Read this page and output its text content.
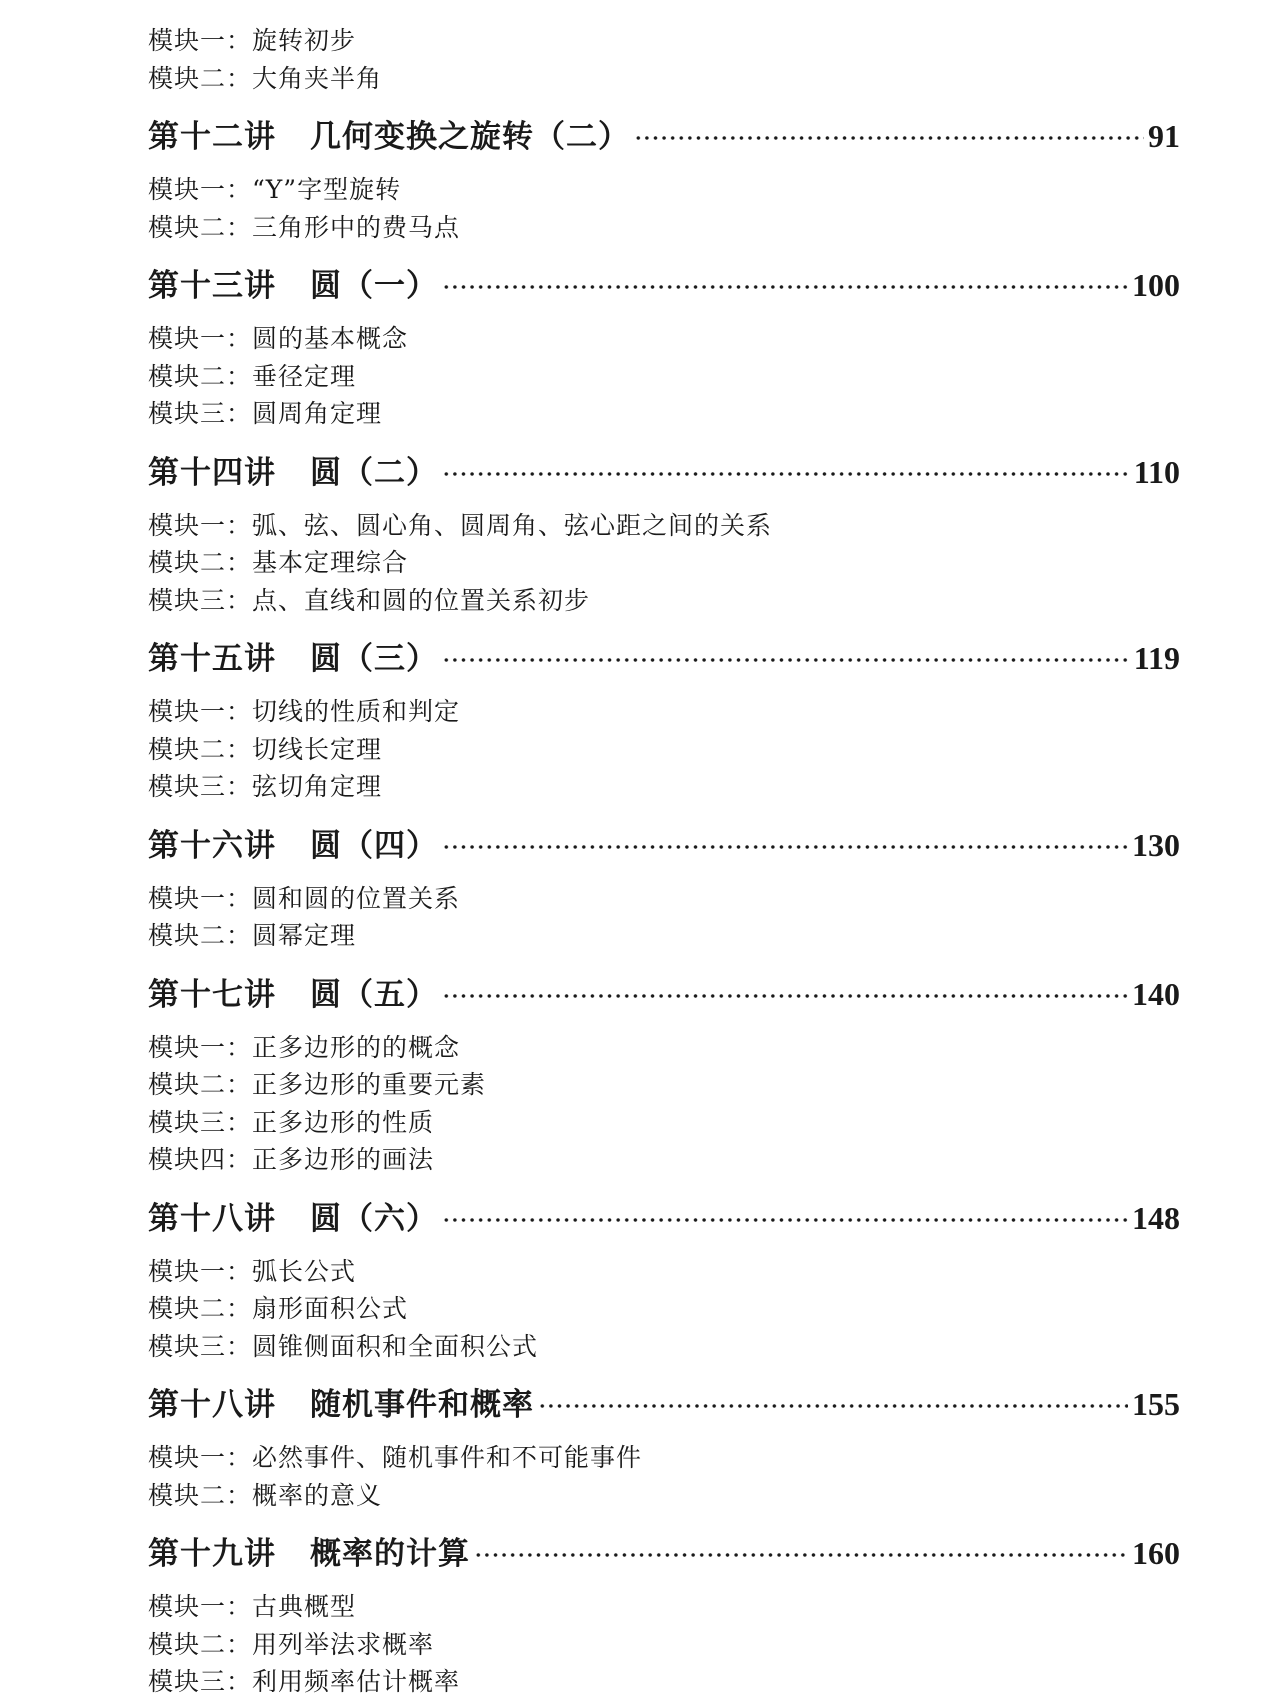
模块一：旋转初步
模块二：大角夹半角
第十二讲 几何变换之旋转（二）	91
模块一：“Y”字型旋转
模块二：三角形中的费马点
第十三讲 圆（一）	100
模块一：圆的基本概念
模块二：垂径定理
模块三：圆周角定理
第十四讲 圆（二）	110
模块一：弧、弦、圆心角、圆周角、弦心距之间的关系
模块二：基本定理综合
模块三：点、直线和圆的位置关系初步
第十五讲 圆（三）	119
模块一：切线的性质和判定
模块二：切线长定理
模块三：弦切角定理
第十六讲 圆（四）	130
模块一：圆和圆的位置关系
模块二：圆幂定理
第十七讲 圆（五）	140
模块一：正多边形的的概念
模块二：正多边形的重要元素
模块三：正多边形的性质
模块四：正多边形的画法
第十八讲 圆（六）	148
模块一：弧长公式
模块二：扇形面积公式
模块三：圆锥侧面积和全面积公式
第十八讲 随机事件和概率	155
模块一：必然事件、随机事件和不可能事件
模块二：概率的意义
第十九讲 概率的计算	160
模块一：古典概型
模块二：用列举法求概率
模块三：利用频率估计概率
